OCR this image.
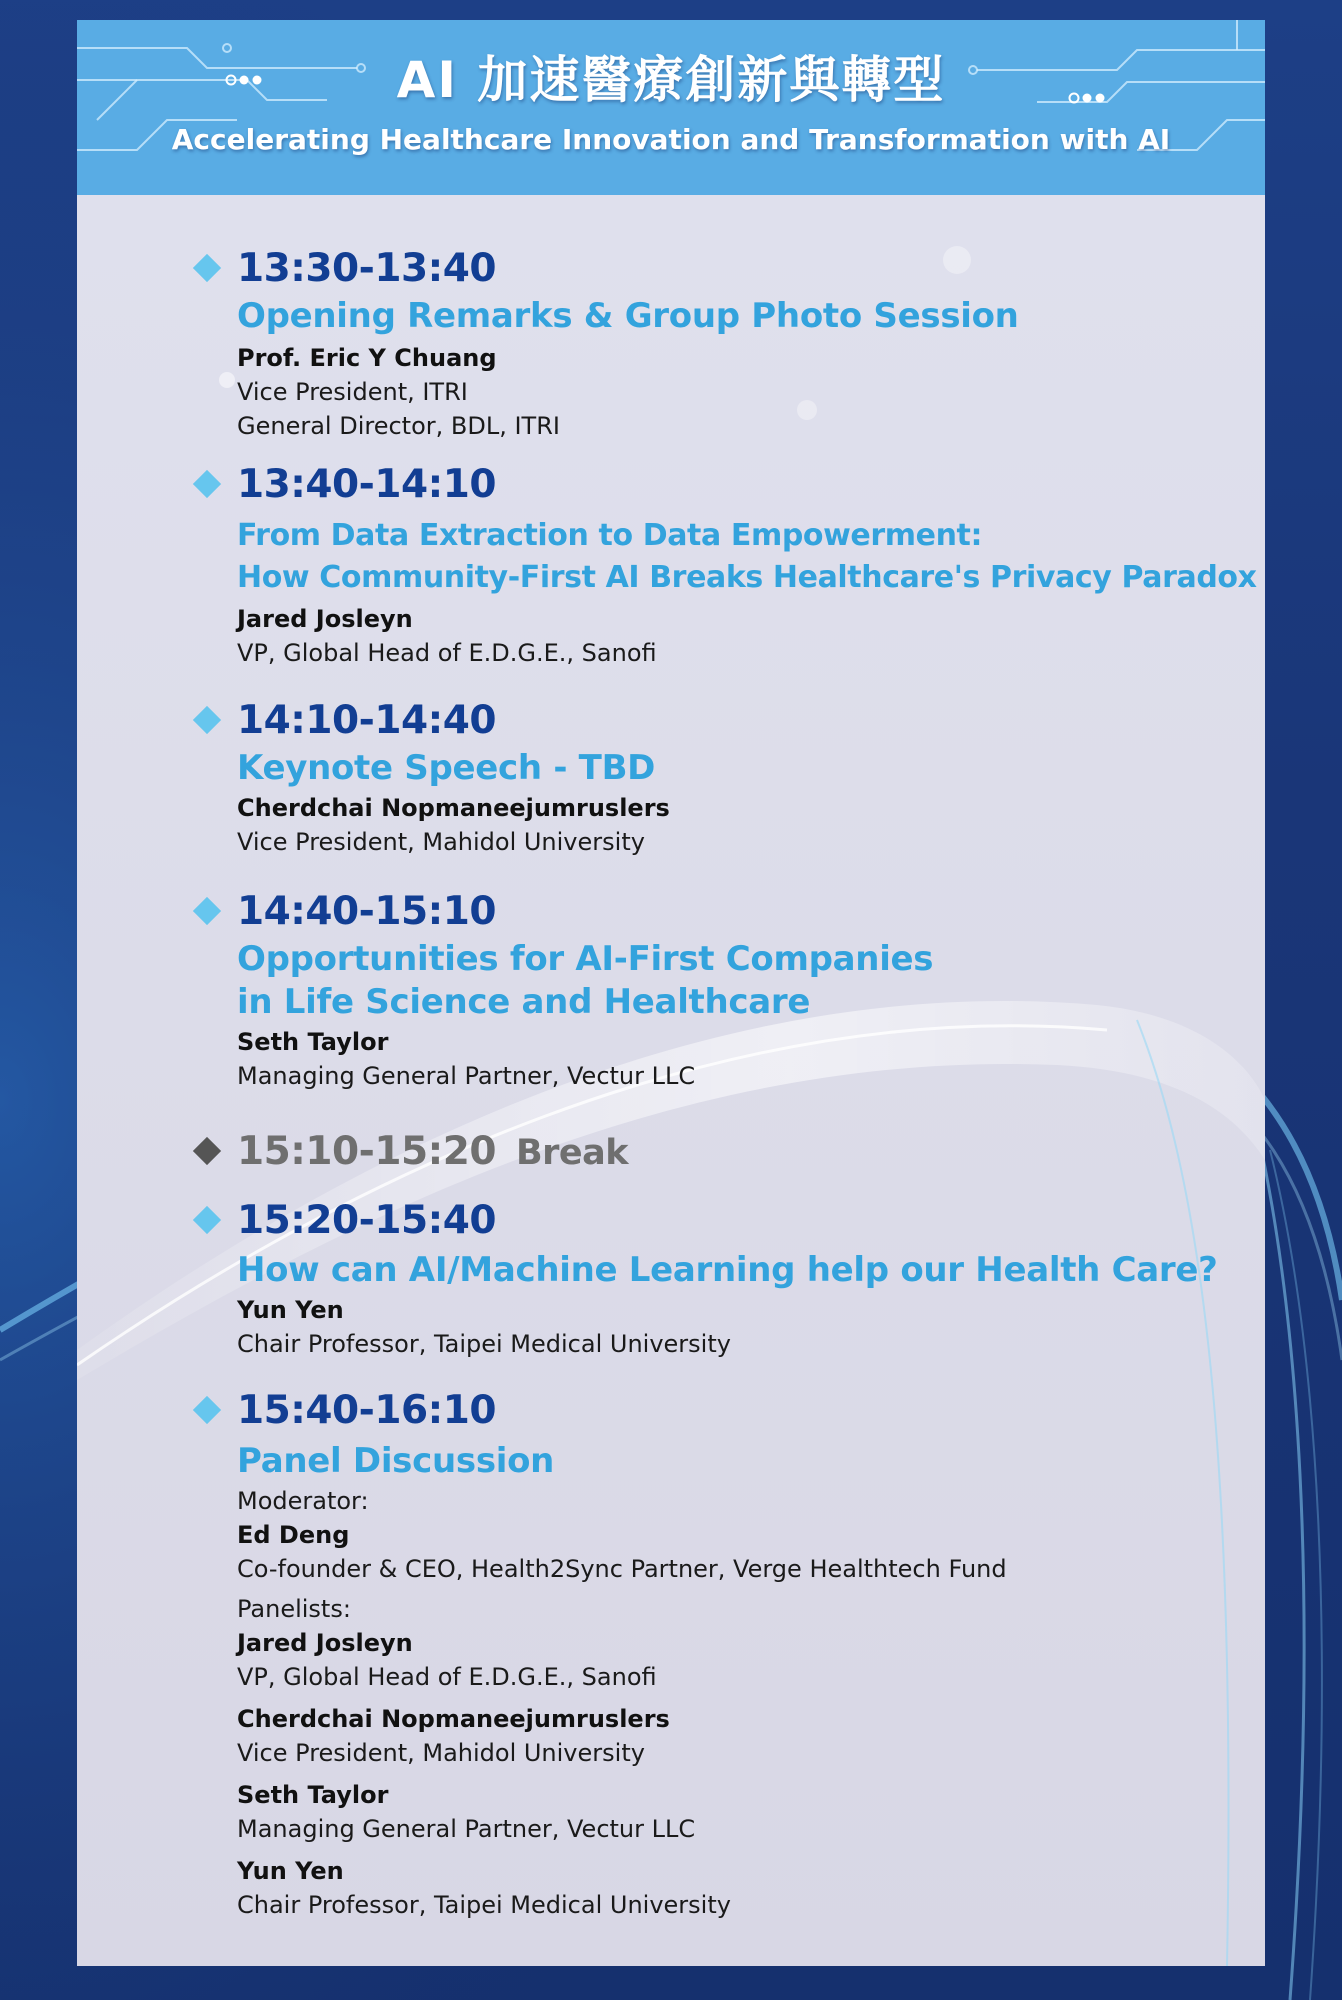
AI 加速醫療創新與轉型
Accelerating Healthcare Innovation and Transformation with AI
13:30-13:40
Opening Remarks & Group Photo Session
Prof. Eric Y Chuang
Vice President, ITRI
General Director, BDL, ITRI
13:40-14:10
From Data Extraction to Data Empowerment:
How Community-First AI Breaks Healthcare's Privacy Paradox
Jared Josleyn
VP, Global Head of E.D.G.E., Sanofi
14:10-14:40
Keynote Speech - TBD
Cherdchai Nopmaneejumruslers
Vice President, Mahidol University
14:40-15:10
Opportunities for AI-First Companies
in Life Science and Healthcare
Seth Taylor
Managing General Partner, Vectur LLC
15:10-15:20 Break
15:20-15:40
How can AI/Machine Learning help our Health Care?
Yun Yen
Chair Professor, Taipei Medical University
15:40-16:10
Panel Discussion
Moderator:
Ed Deng
Co-founder & CEO, Health2Sync Partner, Verge Healthtech Fund
Panelists:
Jared Josleyn
VP, Global Head of E.D.G.E., Sanofi
Cherdchai Nopmaneejumruslers
Vice President, Mahidol University
Seth Taylor
Managing General Partner, Vectur LLC
Yun Yen
Chair Professor, Taipei Medical University
